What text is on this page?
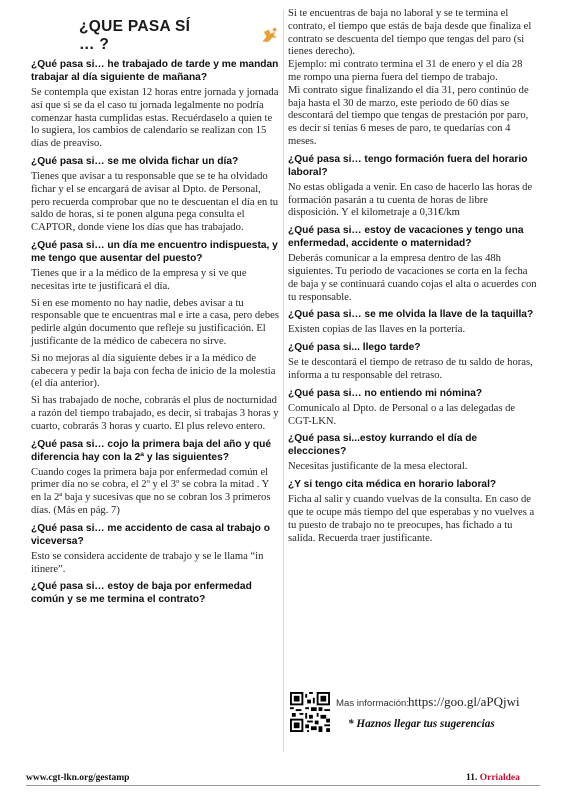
¿QUE PASA SÍ … ?
¿Qué pasa si… he trabajado de tarde y me mandan trabajar al día siguiente de mañana?
Se contempla que existan 12 horas entre jornada y jornada así que si se da el caso tu jornada legalmente no podría comenzar hasta cumplidas estas. Recuérdaselo a quien te lo sugiera, los cambios de calendario se realizan con 15 días de preaviso.
¿Qué pasa si… se me olvida fichar un día?
Tienes que avisar a tu responsable que se te ha olvidado fichar y el se encargará de avisar al Dpto. de Personal, pero recuerda comprobar que no te descuentan el día en tu saldo de horas, si te ponen alguna pega consulta el CAPTOR, donde viene los días que has trabajado.
¿Qué pasa si… un día me encuentro indispuesta, y me tengo que ausentar del puesto?
Tienes que ir a la médico de la empresa y si ve que necesitas irte te justificará el día.
Si en ese momento no hay nadie, debes avisar a tu responsable que te encuentras mal e irte a casa, pero debes pedirle algún documento que refleje su justificación. El justificante de la médico de cabecera no sirve.
Si no mejoras al día siguiente debes ir a la médico de cabecera y pedir la baja con fecha de inicio de la molestia (el día anterior).
Si has trabajado de noche, cobrarás el plus de nocturnidad a razón del tiempo trabajado, es decir, si trabajas 3 horas y cuarto, cobrarás 3 horas y cuarto. El plus relevo entero.
¿Qué pasa si… cojo la primera baja del año y qué diferencia hay con la 2ª y las siguientes?
Cuando coges la primera baja por enfermedad común el primer día no se cobra, el 2º y el 3º se cobra la mitad . Y en la 2ª baja y sucesivas que no se cobran los 3 primeros días. (Más en pág. 7)
¿Qué pasa si… me accidento de casa al trabajo o viceversa?
Esto se considera accidente de trabajo y se le llama “in itinere”.
¿Qué pasa si… estoy de baja por enfermedad común y se me termina el contrato?
Si te encuentras de baja no laboral y se te termina el contrato, el tiempo que estás de baja desde que finaliza el contrato se descuenta del tiempo que tengas del paro (si tienes derecho).
Ejemplo: mi contrato termina el 31 de enero y el día 28 me rompo una pierna fuera del tiempo de trabajo.
Mi contrato sigue finalizando el día 31, pero continúo de baja hasta el 30 de marzo, este periodo de 60 días se descontará del tiempo que tengas de prestación por paro, es decir si tenías 6 meses de paro, te quedarías con 4 meses.
¿Qué pasa si… tengo formación fuera del horario laboral?
No estas obligada a venir. En caso de hacerlo las horas de formación pasarán a tu cuenta de horas de libre disposición. Y el kilometraje a 0,31€/km
¿Qué pasa si… estoy de vacaciones y tengo una enfermedad, accidente o maternidad?
Deberás comunicar a la empresa dentro de las 48h siguientes. Tu periodo de vacaciones se corta en la fecha de baja y se continuará cuando cojas el alta o acuerdes con tu responsable.
¿Qué pasa si… se me olvida la llave de la taquilla?
Existen copias de las llaves en la portería.
¿Qué pasa si... llego tarde?
Se te descontará el tiempo de retraso de tu saldo de horas, informa a tu responsable del retraso.
¿Qué pasa si… no entiendo mi nómina?
Comunícalo al Dpto. de Personal o a las delegadas de CGT-LKN.
¿Qué pasa si...estoy kurrando el día de elecciones?
Necesitas justificante de la mesa electoral.
¿Y si tengo cita médica en horario laboral?
Ficha al salir y cuando vuelvas de la consulta. En caso de que te ocupe más tiempo del que esperabas y no vuelves a tu puesto de trabajo no te preocupes, has fichado a tu salida. Recuerda traer justificante.
Mas información:
https://goo.gl/aPQjwi
* Haznos llegar tus sugerencias
www.cgt-lkn.org/gestamp	11. Orrialdea
